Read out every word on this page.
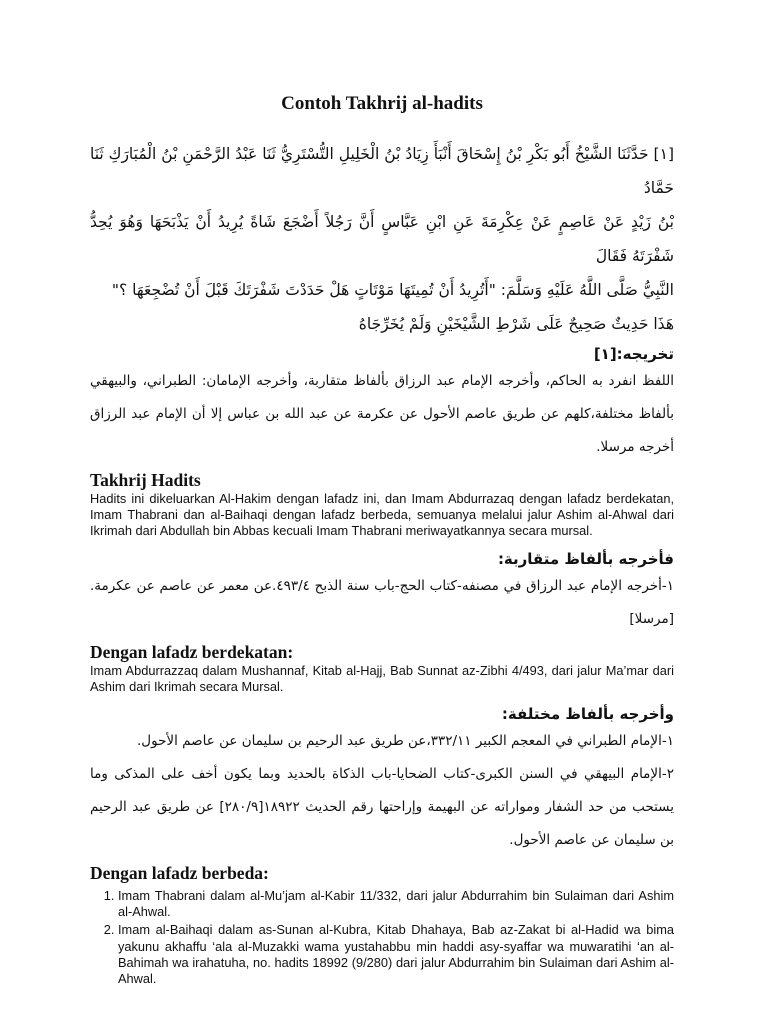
Contoh Takhrij al-hadits
[١] حَدَّثَنَا الشَّيْخُ أَبُو بَكْرِ بْنُ إِسْحَاقَ أَنْبَأَ زِيَادُ بْنُ الْخَلِيلِ التُّسْتَرِيُّ ثَنَا عَبْدُ الرَّحْمَنِ بْنُ الْمُبَارَكِ ثَنَا حَمَّادُ
بْنُ زَيْدٍ عَنْ عَاصِمٍ عَنْ عِكْرِمَةَ عَنِ ابْنِ عَبَّاسٍ أَنَّ رَجُلاً أَضْجَعَ شَاةً يُرِيدُ أَنْ يَذْبَحَهَا وَهُوَ يُحِدُّ شَفْرَتَهُ فَقَالَ
النَّبِيُّ صَلَّى اللَّهُ عَلَيْهِ وَسَلَّمَ: "أَتُرِيدُ أَنْ تُمِيتَهَا مَوْتَاتٍ هَلْ حَدَدْتَ شَفْرَتَكَ قَبْلَ أَنْ تُضْجِعَهَا ؟"
هَذَا حَدِيثٌ صَحِيحٌ عَلَى شَرْطِ الشَّيْخَيْنِ وَلَمْ يُخَرِّجَاهُ
تخريجه:[١]

اللفظ انفرد به الحاكم، وأخرجه الإمام عبد الرزاق بألفاظ متقاربة، وأخرجه الإمامان: الطبراني، والبيهقي بألفاظ مختلفة،كلهم عن طريق عاصم الأحول عن عكرمة عن عبد الله بن عباس إلا أن الإمام عبد الرزاق أخرجه مرسلا.

Takhrij Hadits

Hadits ini dikeluarkan Al-Hakim dengan lafadz ini, dan Imam Abdurrazaq dengan lafadz berdekatan, Imam Thabrani dan al-Baihaqi dengan lafadz berbeda, semuanya melalui jalur Ashim al-Ahwal dari Ikrimah dari Abdullah bin Abbas kecuali Imam Thabrani meriwayatkannya secara mursal.

فأخرجه بألفاظ متقاربة:

١-أخرجه الإمام عبد الرزاق في مصنفه-كتاب الحج-باب سنة الذبح ٤٩٣/٤.عن معمر عن عاصم عن عكرمة.[مرسلا]

Dengan lafadz berdekatan:

Imam Abdurrazzaq dalam Mushannaf, Kitab al-Hajj, Bab Sunnat az-Zibhi 4/493, dari jalur Ma’mar dari Ashim dari Ikrimah secara Mursal.

وأخرجه بألفاظ مختلفة:

١-الإمام الطبراني في المعجم الكبير ٣٣٢/١١،عن طريق عبد الرحيم بن سليمان عن عاصم الأحول.

٢-الإمام البيهقي في السنن الكبرى-كتاب الضحايا-باب الذكاة بالحديد وبما يكون أخف على المذكى وما يستحب من حد الشفار ومواراته عن البهيمة وإراحتها رقم الحديث ١٨٩٢٢[٢٨٠/٩] عن طريق عبد الرحيم بن سليمان عن عاصم الأحول.

Dengan lafadz berbeda:
1. Imam Thabrani dalam al-Mu’jam al-Kabir 11/332, dari jalur Abdurrahim bin Sulaiman dari Ashim al-Ahwal.
2. Imam al-Baihaqi dalam as-Sunan al-Kubra, Kitab Dhahaya, Bab az-Zakat bi al-Hadid wa bima yakunu akhaffu ‘ala al-Muzakki wama yustahabbu min haddi asy-syaffar wa muwaratihi ‘an al-Bahimah wa irahatuha, no. hadits 18992 (9/280) dari jalur Abdurrahim bin Sulaiman dari Ashim al-Ahwal.
